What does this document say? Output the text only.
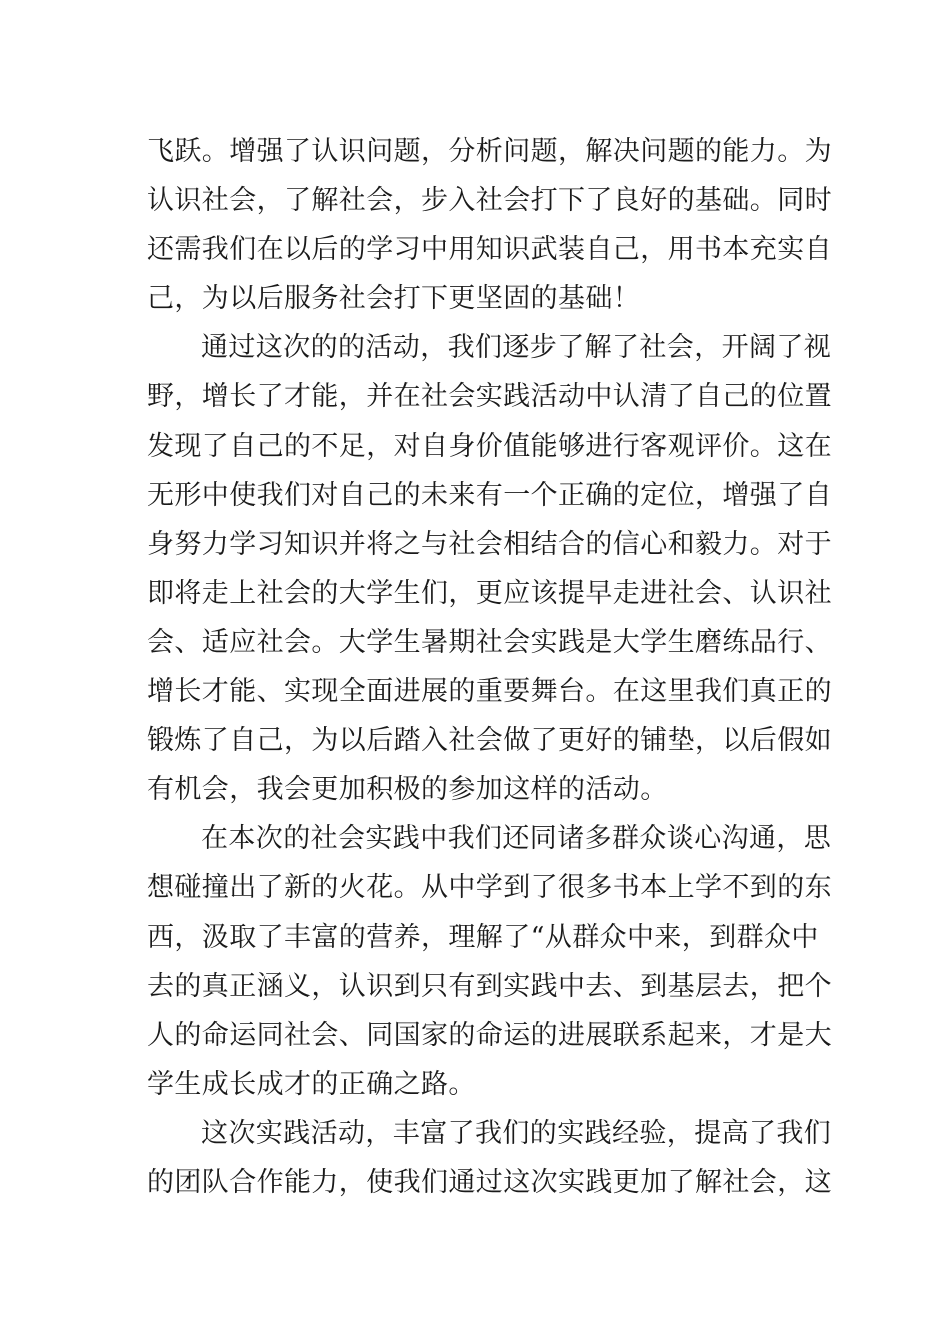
飞跃。增强了认识问题，分析问题，解决问题的能力。为
认识社会，了解社会，步入社会打下了良好的基础。同时
还需我们在以后的学习中用知识武装自己，用书本充实自
己，为以后服务社会打下更坚固的基础！
通过这次的的活动，我们逐步了解了社会，开阔了视
野，增长了才能，并在社会实践活动中认清了自己的位置
发现了自己的不足，对自身价值能够进行客观评价。这在
无形中使我们对自己的未来有一个正确的定位，增强了自
身努力学习知识并将之与社会相结合的信心和毅力。对于
即将走上社会的大学生们，更应该提早走进社会、认识社
会、适应社会。大学生暑期社会实践是大学生磨练品行、
增长才能、实现全面进展的重要舞台。在这里我们真正的
锻炼了自己，为以后踏入社会做了更好的铺垫，以后假如
有机会，我会更加积极的参加这样的活动。
在本次的社会实践中我们还同诸多群众谈心沟通，思
想碰撞出了新的火花。从中学到了很多书本上学不到的东
西，汲取了丰富的营养，理解了“从群众中来，到群众中
去的真正涵义，认识到只有到实践中去、到基层去，把个
人的命运同社会、同国家的命运的进展联系起来，才是大
学生成长成才的正确之路。
这次实践活动，丰富了我们的实践经验，提高了我们
的团队合作能力，使我们通过这次实践更加了解社会，这
